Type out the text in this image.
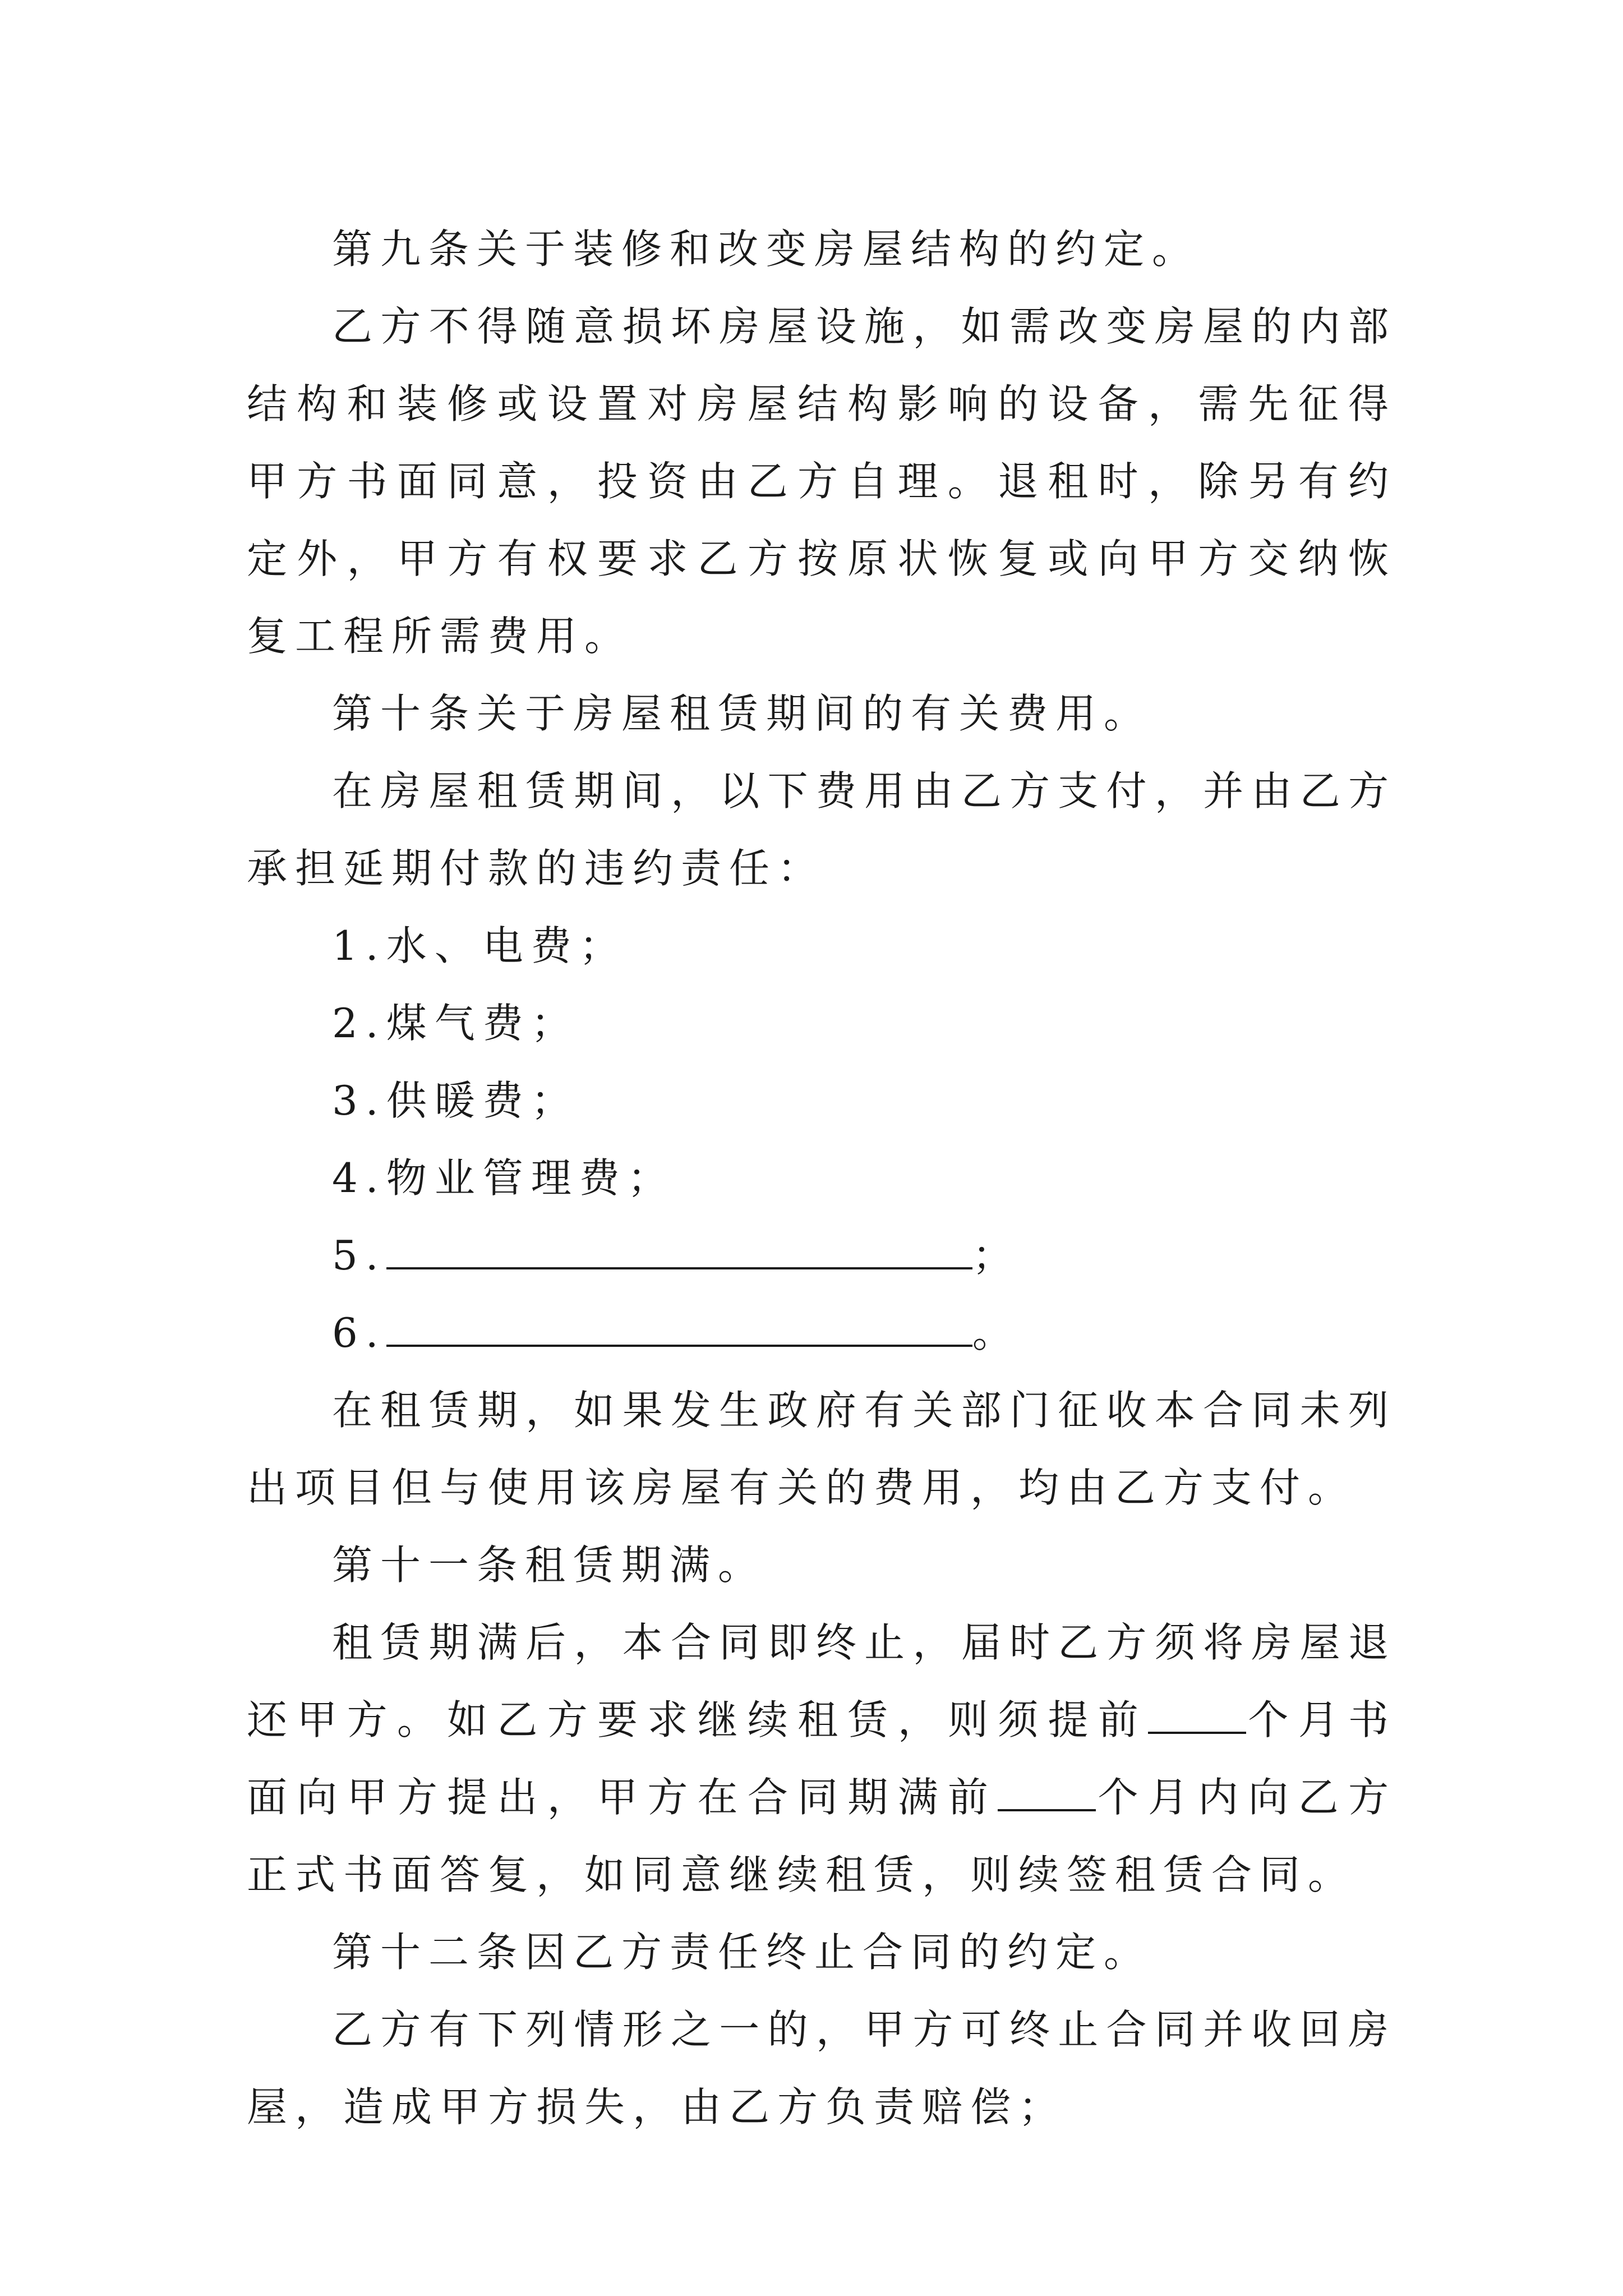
第九条关于装修和改变房屋结构的约定。

乙方不得随意损坏房屋设施，如需改变房屋的内部结构和装修或设置对房屋结构影响的设备，需先征得甲方书面同意，投资由乙方自理。退租时，除另有约定外，甲方有权要求乙方按原状恢复或向甲方交纳恢复工程所需费用。

第十条关于房屋租赁期间的有关费用。

在房屋租赁期间，以下费用由乙方支付，并由乙方承担延期付款的违约责任：

1.水、电费；

2.煤气费；

3.供暖费；

4.物业管理费；

5.	；

6.	。

在租赁期，如果发生政府有关部门征收本合同未列出项目但与使用该房屋有关的费用，均由乙方支付。

第十一条租赁期满。

租赁期满后，本合同即终止，届时乙方须将房屋退还甲方。如乙方要求继续租赁，则须提前 个月书面向甲方提出，甲方在合同期满前 个月内向乙方正式书面答复，如同意继续租赁，则续签租赁合同。

第十二条因乙方责任终止合同的约定。

乙方有下列情形之一的，甲方可终止合同并收回房屋，造成甲方损失，由乙方负责赔偿；
